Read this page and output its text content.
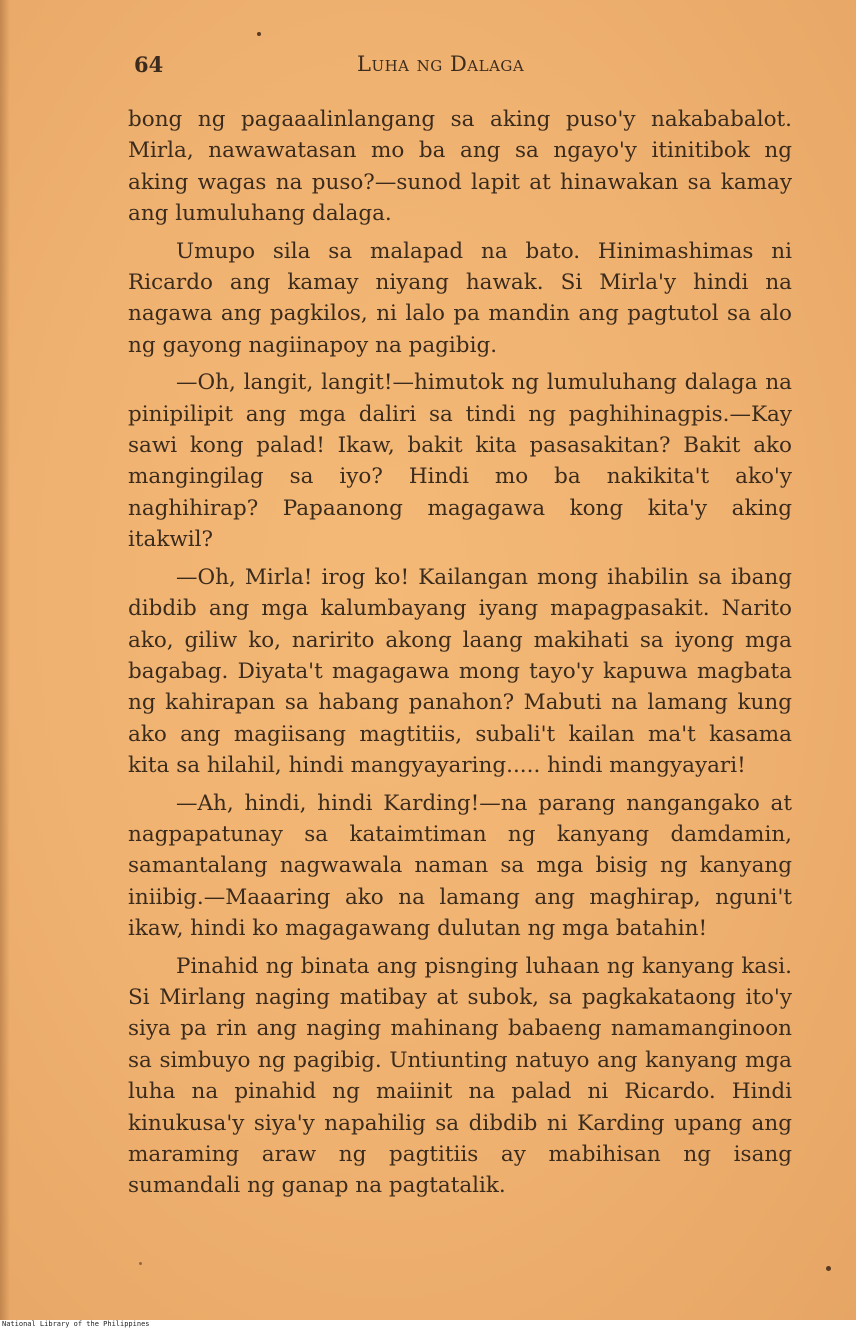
64	Luha ng Dalaga

bong ng pagaaalinlangang sa aking puso'y nakababalot. Mirla, nawawatasan mo ba ang sa ngayo'y itinitibok ng aking wagas na puso?—sunod lapit at hinawakan sa kamay ang lumuluhang dalaga.

Umupo sila sa malapad na bato. Hinimashimas ni Ricardo ang kamay niyang hawak. Si Mirla'y hindi na nagawa ang pagkilos, ni lalo pa mandin ang pagtutol sa alo ng gayong nagiinapoy na pagibig.

—Oh, langit, langit!—himutok ng lumuluhang dalaga na pinipilipit ang mga daliri sa tindi ng paghihinagpis.—Kay sawi kong palad! Ikaw, bakit kita pasasakitan? Bakit ako mangingilag sa iyo? Hindi mo ba nakikita't ako'y naghihirap? Papaanong magagawa kong kita'y aking itakwil?

—Oh, Mirla! irog ko! Kailangan mong ihabilin sa ibang dibdib ang mga kalumbayang iyang mapagpasakit. Narito ako, giliw ko, naririto akong laang makihati sa iyong mga bagabag. Diyata't magagawa mong tayo'y kapuwa magbata ng kahirapan sa habang panahon? Mabuti na lamang kung ako ang magiisang magtitiis, subali't kailan ma't kasama kita sa hilahil, hindi mangyayaring..... hindi mangyayari!

—Ah, hindi, hindi Karding!—na parang nangangako at nagpapatunay sa kataimtiman ng kanyang damdamin, samantalang nagwawala naman sa mga bisig ng kanyang iniibig.—Maaaring ako na lamang ang maghirap, nguni't ikaw, hindi ko magagawang dulutan ng mga batahin!

Pinahid ng binata ang pisnging luhaan ng kanyang kasi. Si Mirlang naging matibay at subok, sa pagkakataong ito'y siya pa rin ang naging mahinang babaeng namamanginoon sa simbuyo ng pagibig. Untiunting natuyo ang kanyang mga luha na pinahid ng maiinit na palad ni Ricardo. Hindi kinukusa'y siya'y napahilig sa dibdib ni Karding upang ang maraming araw ng pagtitiis ay mabihisan ng isang sumandali ng ganap na pagtatalik.

National Library of the Philippines
